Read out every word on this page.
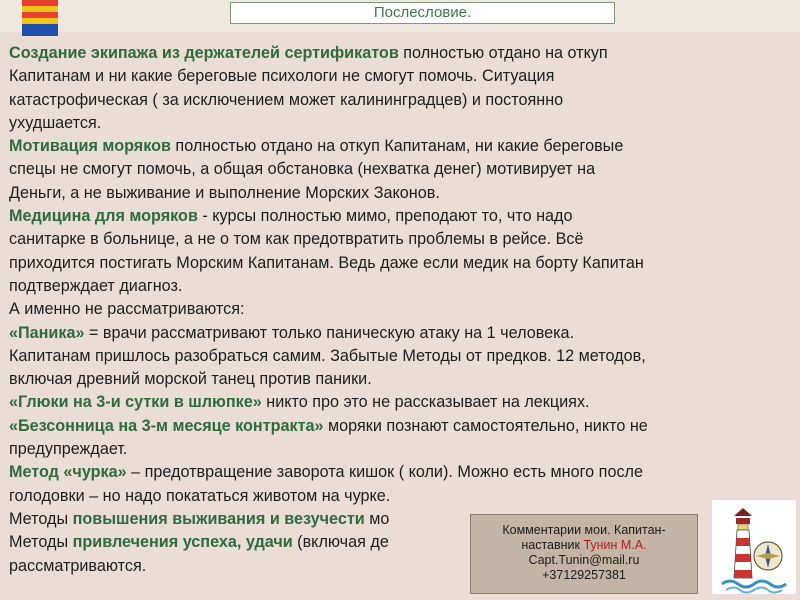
Послесловие.
Создание экипажа из держателей сертификатов полностью отдано на откуп
Капитанам и ни какие береговые психологи не смогут помочь. Ситуация
катастрофическая ( за исключением может калининградцев) и постоянно
ухудшается.
Мотивация моряков полностью отдано на откуп Капитанам, ни какие береговые
спецы не смогут помочь, а общая обстановка (нехватка денег) мотивирует на
Деньги, а не выживание и выполнение Морских Законов.
Медицина для моряков - курсы полностью мимо, преподают то, что надо
санитарке в больнице, а не о том как предотвратить проблемы в рейсе. Всё
приходится постигать Морским Капитанам. Ведь даже если медик на борту Капитан
подтверждает диагноз.
А именно не рассматриваются:
«Паника» = врачи рассматривают только паническую атаку на 1 человека.
Капитанам пришлось разобраться самим. Забытые Методы от предков. 12 методов,
включая древний морской танец против паники.
«Глюки на 3-и сутки в шлюпке» никто про это не рассказывает на лекциях.
«Безсонница на 3-м месяце контракта» моряки познают самостоятельно, никто не
предупреждает.
Метод «чурка» – предотвращение заворота кишок ( коли). Можно есть много после
голодовки – но надо покататься животом на чурке.
Методы повышения выживания и везучести мо
Методы привлечения успеха, удачи (включая де
рассматриваются.
Комментарии мои. Капитан-
наставник Тунин М.А.
Capt.Tunin@mail.ru
+37129257381
